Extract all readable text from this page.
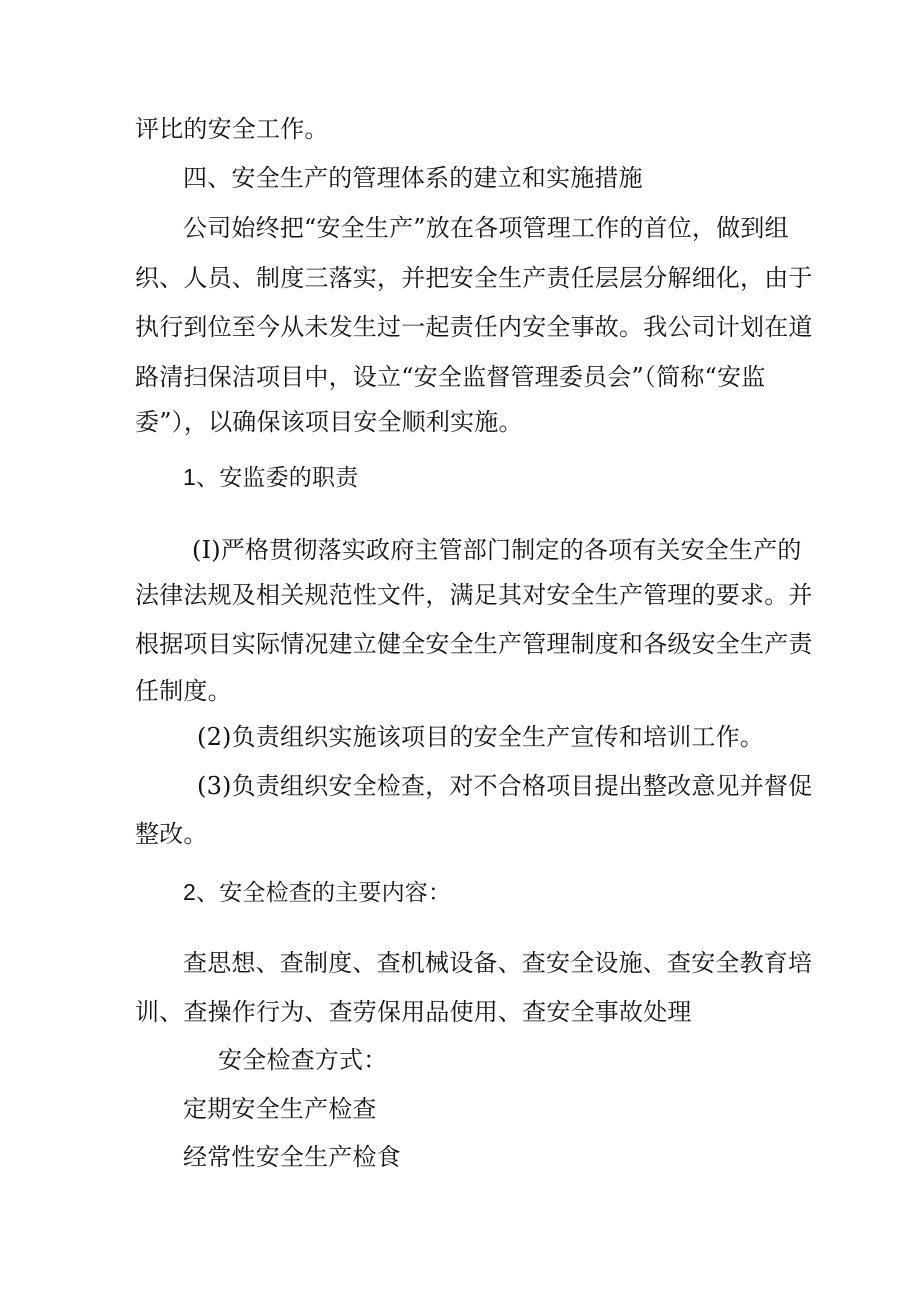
评比的安全工作。
四、安全生产的管理体系的建立和实施措施
公司始终把“安全生产”放在各项管理工作的首位，做到组
织、人员、制度三落实，并把安全生产责任层层分解细化，由于
执行到位至今从未发生过一起责任内安全事故。我公司计划在道
路清扫保洁项目中，设立“安全监督管理委员会”（简称“安监
委”），以确保该项目安全顺利实施。
1、安监委的职责
(I)严格贯彻落实政府主管部门制定的各项有关安全生产的
法律法规及相关规范性文件，满足其对安全生产管理的要求。并
根据项目实际情况建立健全安全生产管理制度和各级安全生产责
任制度。
(2)负责组织实施该项目的安全生产宣传和培训工作。
(3)负责组织安全检查，对不合格项目提出整改意见并督促
整改。
2、安全检查的主要内容：
查思想、查制度、查机械设备、查安全设施、查安全教育培
训、查操作行为、查劳保用品使用、查安全事故处理
安全检查方式：
定期安全生产检查
经常性安全生产检食
